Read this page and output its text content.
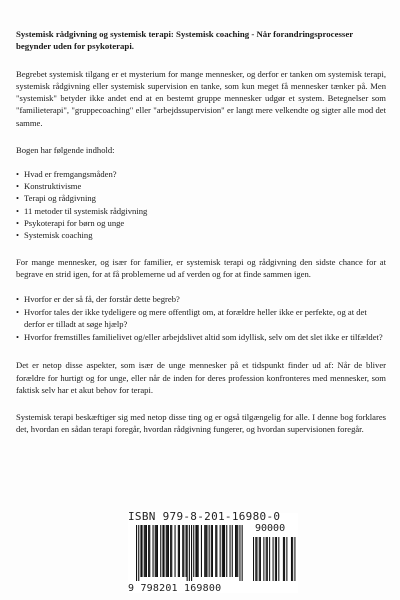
Systemisk rådgivning og systemisk terapi: Systemisk coaching - Når forandringsprocesser begynder uden for psykoterapi.

Begrebet systemisk tilgang er et mysterium for mange mennesker, og derfor er tanken om systemisk terapi, systemisk rådgivning eller systemisk supervision en tanke, som kun meget få mennesker tænker på. Men "systemisk" betyder ikke andet end at en bestemt gruppe mennesker udgør et system. Betegnelser som "familieterapi", "gruppecoaching" eller "arbejdssupervision" er langt mere velkendte og sigter alle mod det samme.

Bogen har følgende indhold:

• Hvad er fremgangsmåden?
• Konstruktivisme
• Terapi og rådgivning
• 11 metoder til systemisk rådgivning
• Psykoterapi for børn og unge
• Systemisk coaching

For mange mennesker, og især for familier, er systemisk terapi og rådgivning den sidste chance for at begrave en strid igen, for at få problemerne ud af verden og for at finde sammen igen.

• Hvorfor er der så få, der forstår dette begreb?
• Hvorfor tales der ikke tydeligere og mere offentligt om, at forældre heller ikke er perfekte, og at det derfor er tilladt at søge hjælp?
• Hvorfor fremstilles familielivet og/eller arbejdslivet altid som idyllisk, selv om det slet ikke er tilfældet?

Det er netop disse aspekter, som især de unge mennesker på et tidspunkt finder ud af: Når de bliver forældre for hurtigt og for unge, eller når de inden for deres profession konfronteres med mennesker, som faktisk selv har et akut behov for terapi.

Systemisk terapi beskæftiger sig med netop disse ting og er også tilgængelig for alle. I denne bog forklares det, hvordan en sådan terapi foregår, hvordan rådgivning fungerer, og hvordan supervisionen foregår.

ISBN 979-8-201-16980-0
90000
9 798201 169800
